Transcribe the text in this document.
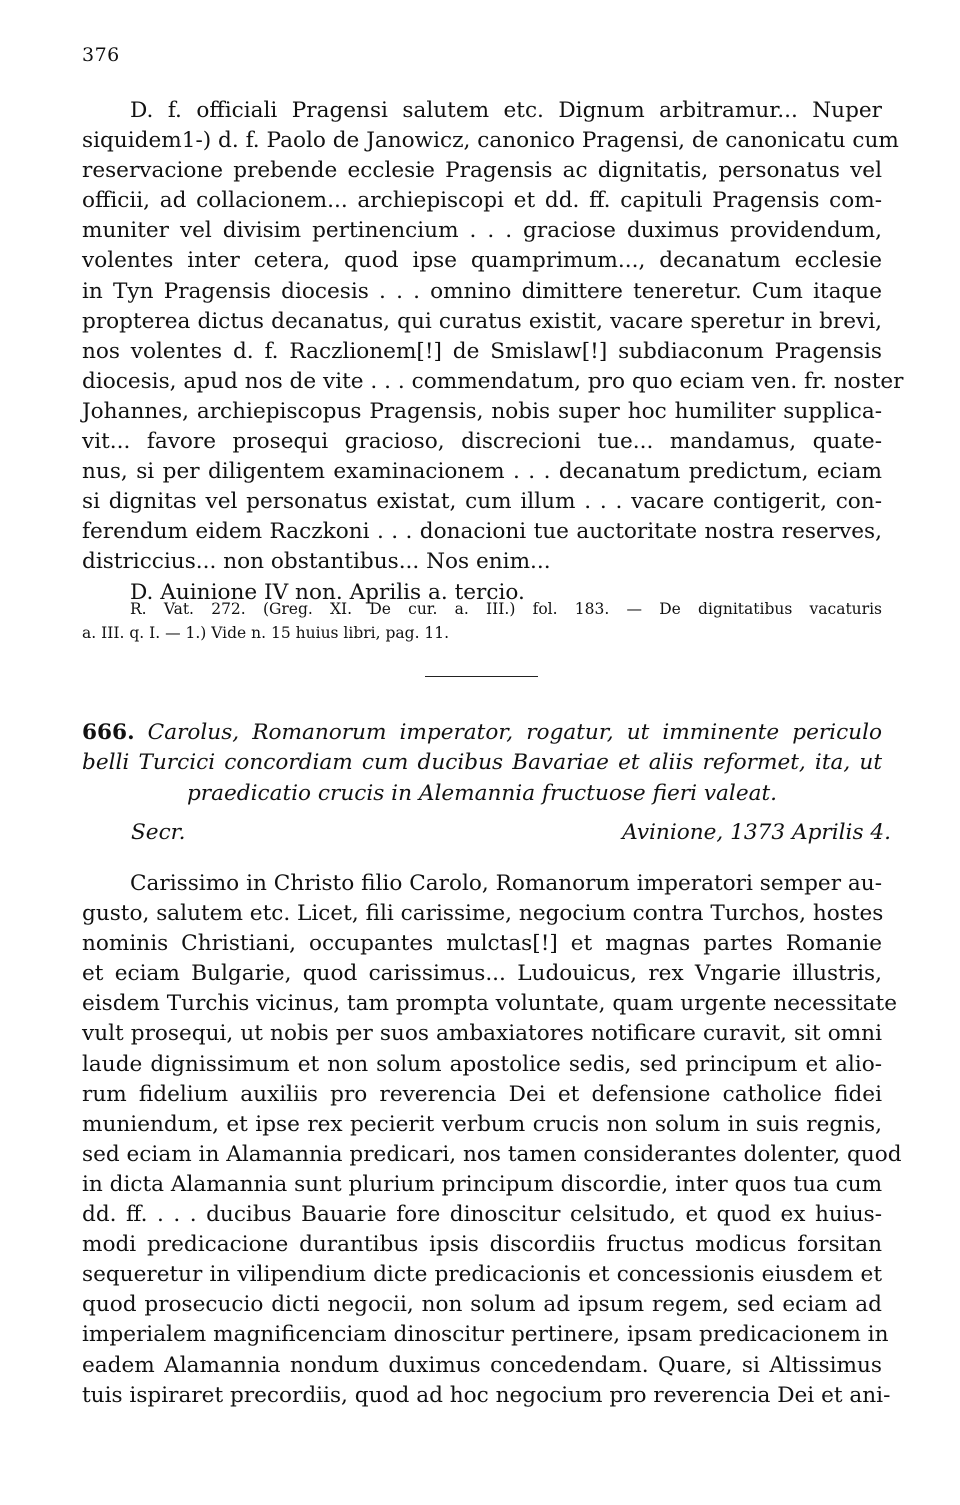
376
D. f. officiali Pragensi salutem etc. Dignum arbitramur... Nuper
siquidem1-) d. f. Paolo de Janowicz, canonico Pragensi, de canonicatu cum
reservacione prebende ecclesie Pragensis ac dignitatis, personatus vel
officii, ad collacionem... archiepiscopi et dd. ff. capituli Pragensis com-
muniter vel divisim pertinencium . . . graciose duximus providendum,
volentes inter cetera, quod ipse quamprimum..., decanatum ecclesie
in Tyn Pragensis diocesis . . . omnino dimittere teneretur. Cum itaque
propterea dictus decanatus, qui curatus existit, vacare speretur in brevi,
nos volentes d. f. Raczlionem[!] de Smislaw[!] subdiaconum Pragensis
diocesis, apud nos de vite . . . commendatum, pro quo eciam ven. fr. noster
Johannes, archiepiscopus Pragensis, nobis super hoc humiliter supplica-
vit... favore prosequi gracioso, discrecioni tue... mandamus, quate-
nus, si per diligentem examinacionem . . . decanatum predictum, eciam
si dignitas vel personatus existat, cum illum . . . vacare contigerit, con-
ferendum eidem Raczkoni . . . donacioni tue auctoritate nostra reserves,
districcius... non obstantibus... Nos enim...
D. Auinione IV non. Aprilis a. tercio.
R. Vat. 272. (Greg. XI. De cur. a. III.) fol. 183. — De dignitatibus vacaturis
a. III. q. I. — 1.) Vide n. 15 huius libri, pag. 11.
666. Carolus, Romanorum imperator, rogatur, ut imminente periculo
belli Turcici concordiam cum ducibus Bavariae et aliis reformet, ita, ut
praedicatio crucis in Alemannia fructuose fieri valeat.
Secr.	Avinione, 1373 Aprilis 4.
Carissimo in Christo filio Carolo, Romanorum imperatori semper au-
gusto, salutem etc. Licet, fili carissime, negocium contra Turchos, hostes
nominis Christiani, occupantes mulctas[!] et magnas partes Romanie
et eciam Bulgarie, quod carissimus... Ludouicus, rex Vngarie illustris,
eisdem Turchis vicinus, tam prompta voluntate, quam urgente necessitate
vult prosequi, ut nobis per suos ambaxiatores notificare curavit, sit omni
laude dignissimum et non solum apostolice sedis, sed principum et alio-
rum fidelium auxiliis pro reverencia Dei et defensione catholice fidei
muniendum, et ipse rex pecierit verbum crucis non solum in suis regnis,
sed eciam in Alamannia predicari, nos tamen considerantes dolenter, quod
in dicta Alamannia sunt plurium principum discordie, inter quos tua cum
dd. ff. . . . ducibus Bauarie fore dinoscitur celsitudo, et quod ex huius-
modi predicacione durantibus ipsis discordiis fructus modicus forsitan
sequeretur in vilipendium dicte predicacionis et concessionis eiusdem et
quod prosecucio dicti negocii, non solum ad ipsum regem, sed eciam ad
imperialem magnificenciam dinoscitur pertinere, ipsam predicacionem in
eadem Alamannia nondum duximus concedendam. Quare, si Altissimus
tuis ispiraret precordiis, quod ad hoc negocium pro reverencia Dei et ani-
